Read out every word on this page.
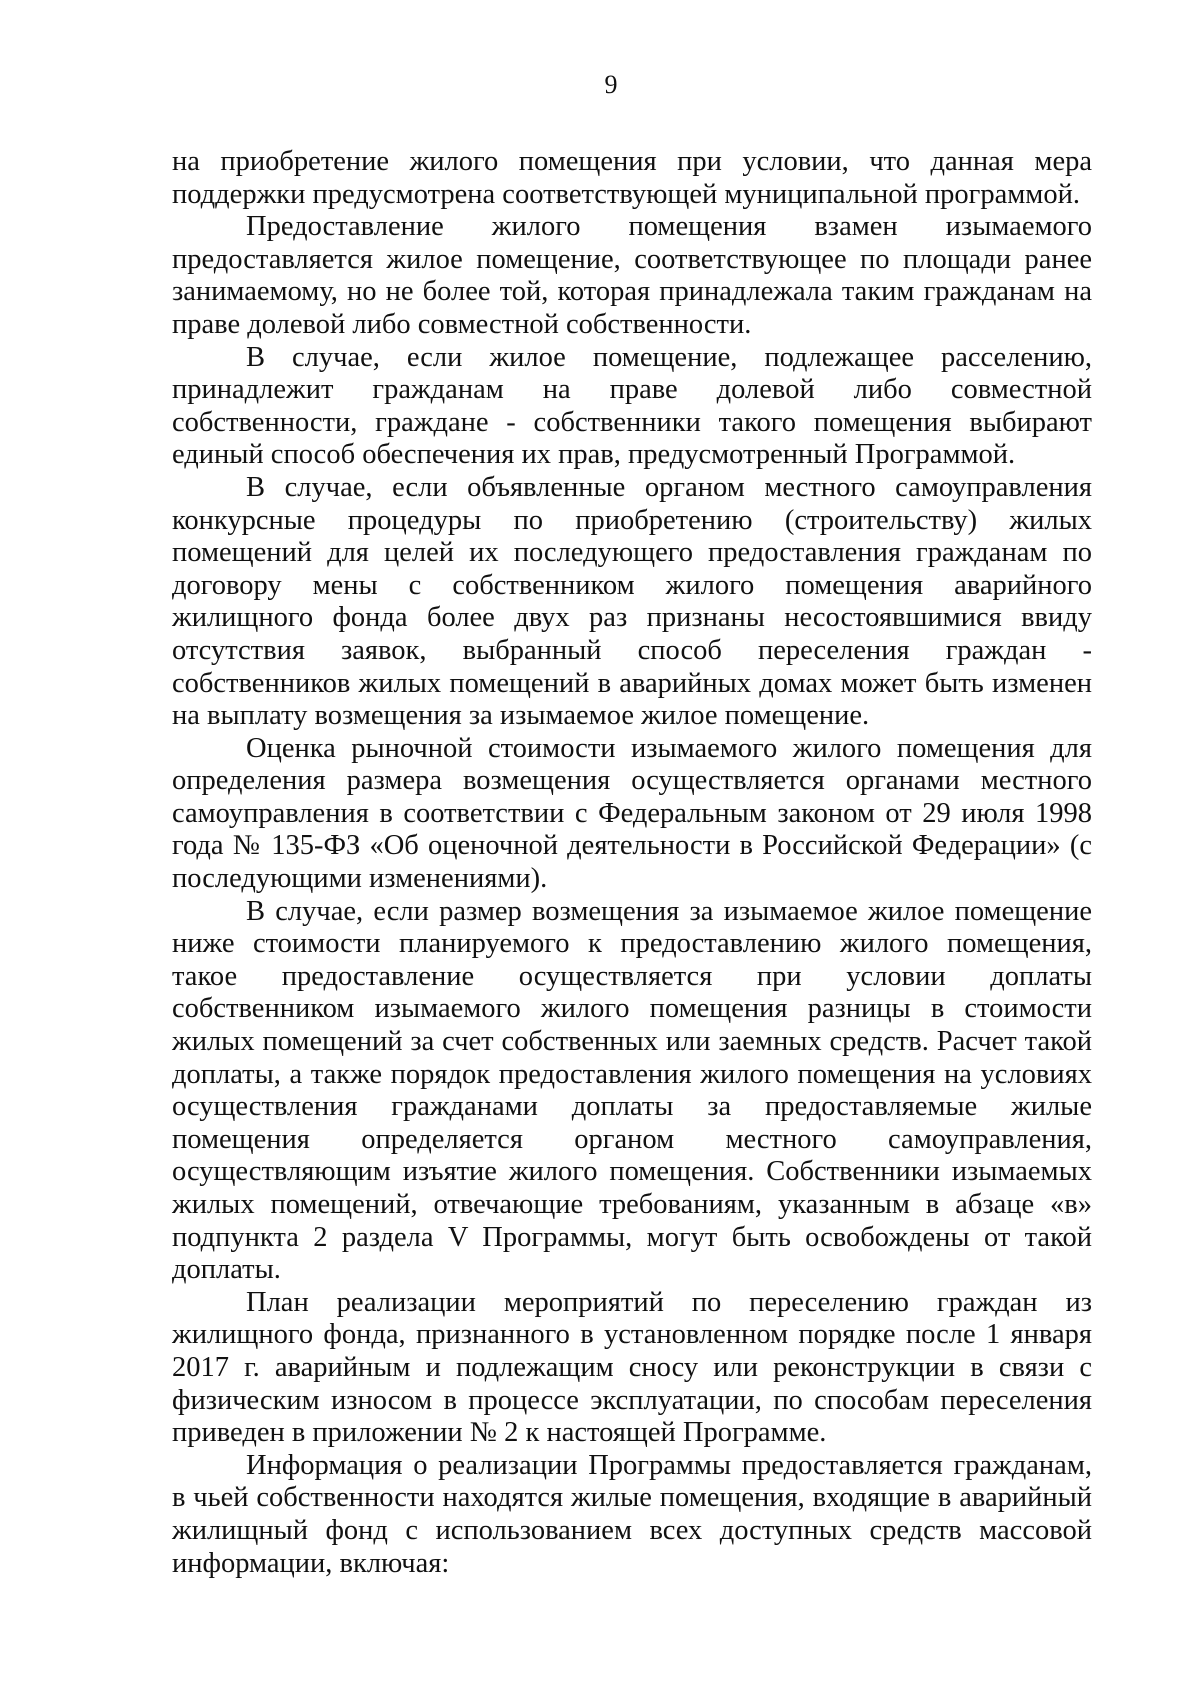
9

на приобретение жилого помещения при условии, что данная мера поддержки предусмотрена соответствующей муниципальной программой.

Предоставление жилого помещения взамен изымаемого предоставляется жилое помещение, соответствующее по площади ранее занимаемому, но не более той, которая принадлежала таким гражданам на праве долевой либо совместной собственности.

В случае, если жилое помещение, подлежащее расселению, принадлежит гражданам на праве долевой либо совместной собственности, граждане - собственники такого помещения выбирают единый способ обеспечения их прав, предусмотренный Программой.

В случае, если объявленные органом местного самоуправления конкурсные процедуры по приобретению (строительству) жилых помещений для целей их последующего предоставления гражданам по договору мены с собственником жилого помещения аварийного жилищного фонда более двух раз признаны несостоявшимися ввиду отсутствия заявок, выбранный способ переселения граждан - собственников жилых помещений в аварийных домах может быть изменен на выплату возмещения за изымаемое жилое помещение.

Оценка рыночной стоимости изымаемого жилого помещения для определения размера возмещения осуществляется органами местного самоуправления в соответствии с Федеральным законом от 29 июля 1998 года № 135-ФЗ «Об оценочной деятельности в Российской Федерации» (с последующими изменениями).

В случае, если размер возмещения за изымаемое жилое помещение ниже стоимости планируемого к предоставлению жилого помещения, такое предоставление осуществляется при условии доплаты собственником изымаемого жилого помещения разницы в стоимости жилых помещений за счет собственных или заемных средств. Расчет такой доплаты, а также порядок предоставления жилого помещения на условиях осуществления гражданами доплаты за предоставляемые жилые помещения определяется органом местного самоуправления, осуществляющим изъятие жилого помещения. Собственники изымаемых жилых помещений, отвечающие требованиям, указанным в абзаце «в» подпункта 2 раздела V Программы, могут быть освобождены от такой доплаты.

План реализации мероприятий по переселению граждан из жилищного фонда, признанного в установленном порядке после 1 января 2017 г. аварийным и подлежащим сносу или реконструкции в связи с физическим износом в процессе эксплуатации, по способам переселения приведен в приложении № 2 к настоящей Программе.

Информация о реализации Программы предоставляется гражданам, в чьей собственности находятся жилые помещения, входящие в аварийный жилищный фонд с использованием всех доступных средств массовой информации, включая:
